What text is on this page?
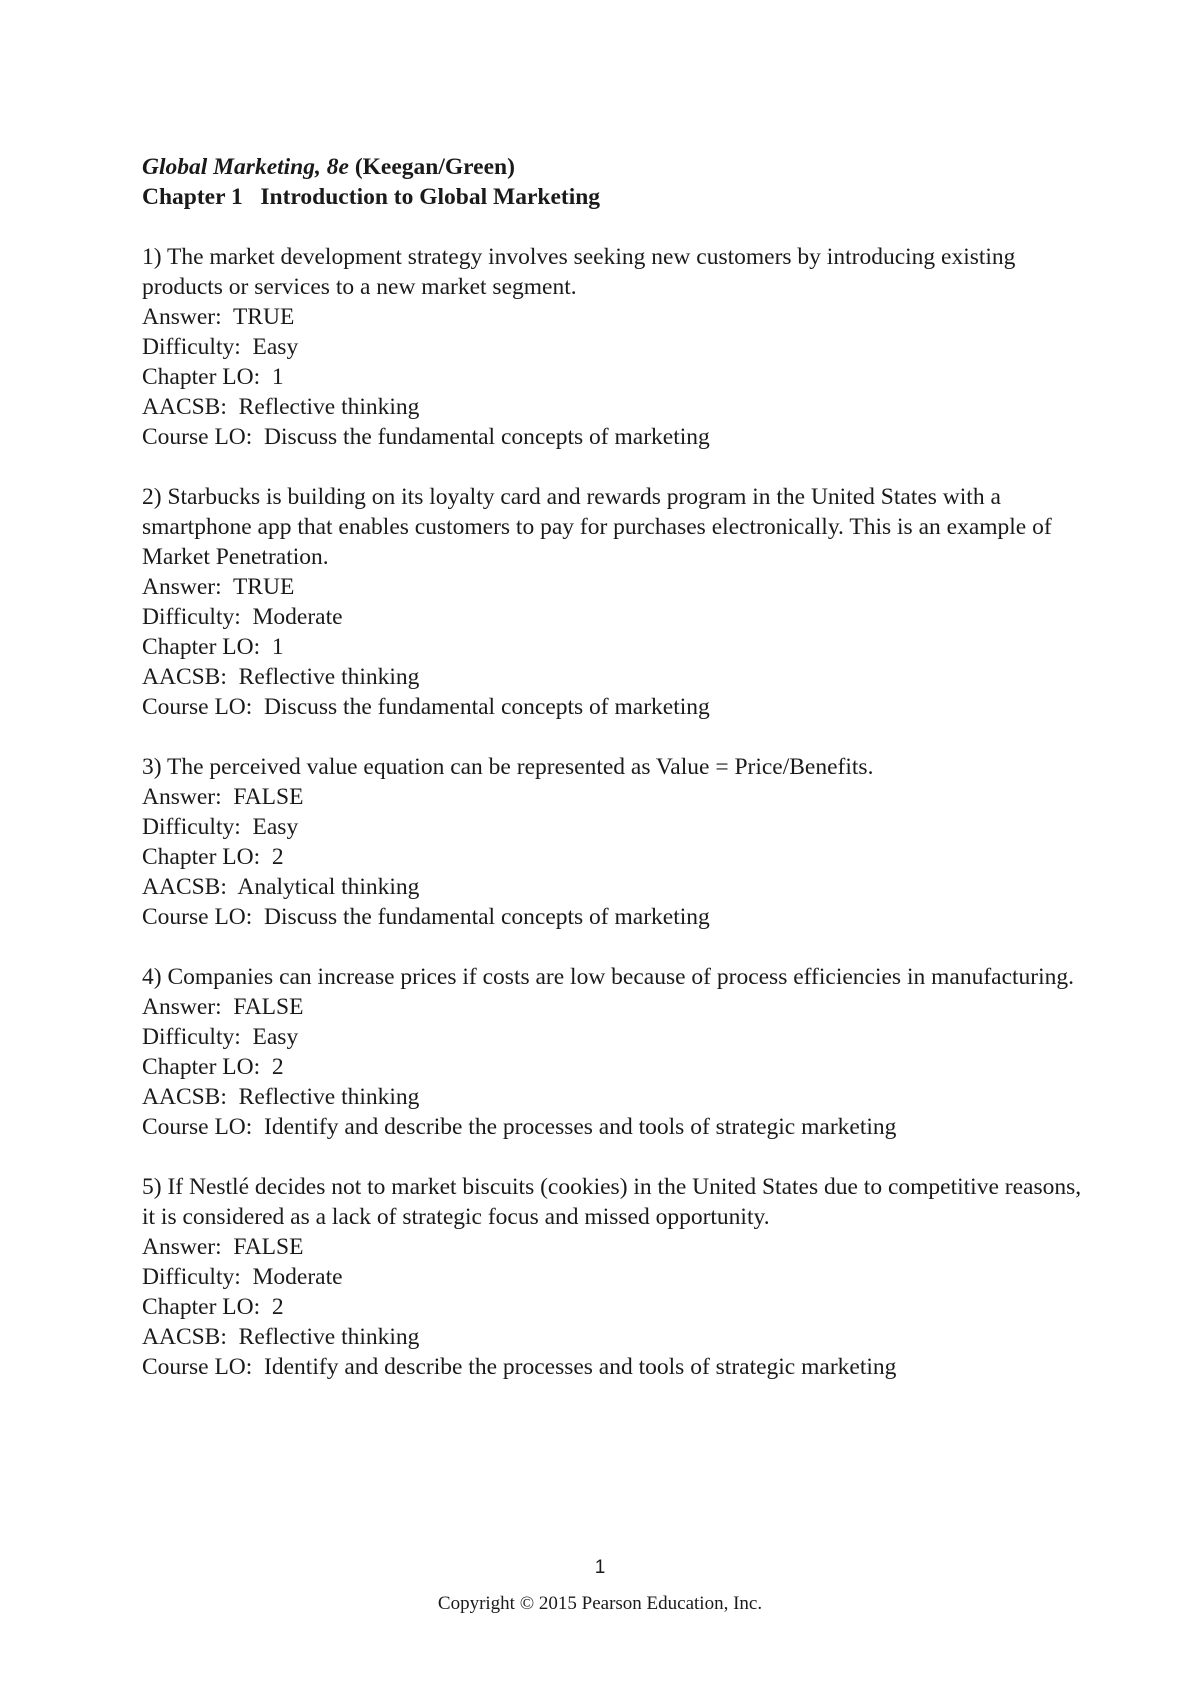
Global Marketing, 8e (Keegan/Green)
Chapter 1   Introduction to Global Marketing

1) The market development strategy involves seeking new customers by introducing existing products or services to a new market segment.

Answer:  TRUE
Difficulty:  Easy
Chapter LO:  1
AACSB:  Reflective thinking
Course LO:  Discuss the fundamental concepts of marketing

2) Starbucks is building on its loyalty card and rewards program in the United States with a smartphone app that enables customers to pay for purchases electronically. This is an example of Market Penetration.

Answer:  TRUE
Difficulty:  Moderate
Chapter LO:  1
AACSB:  Reflective thinking
Course LO:  Discuss the fundamental concepts of marketing

3) The perceived value equation can be represented as Value = Price/Benefits.

Answer:  FALSE
Difficulty:  Easy
Chapter LO:  2
AACSB:  Analytical thinking
Course LO:  Discuss the fundamental concepts of marketing

4) Companies can increase prices if costs are low because of process efficiencies in manufacturing.

Answer:  FALSE
Difficulty:  Easy
Chapter LO:  2
AACSB:  Reflective thinking
Course LO:  Identify and describe the processes and tools of strategic marketing

5) If Nestlé decides not to market biscuits (cookies) in the United States due to competitive reasons, it is considered as a lack of strategic focus and missed opportunity.

Answer:  FALSE
Difficulty:  Moderate
Chapter LO:  2
AACSB:  Reflective thinking
Course LO:  Identify and describe the processes and tools of strategic marketing
1
Copyright © 2015 Pearson Education, Inc.
